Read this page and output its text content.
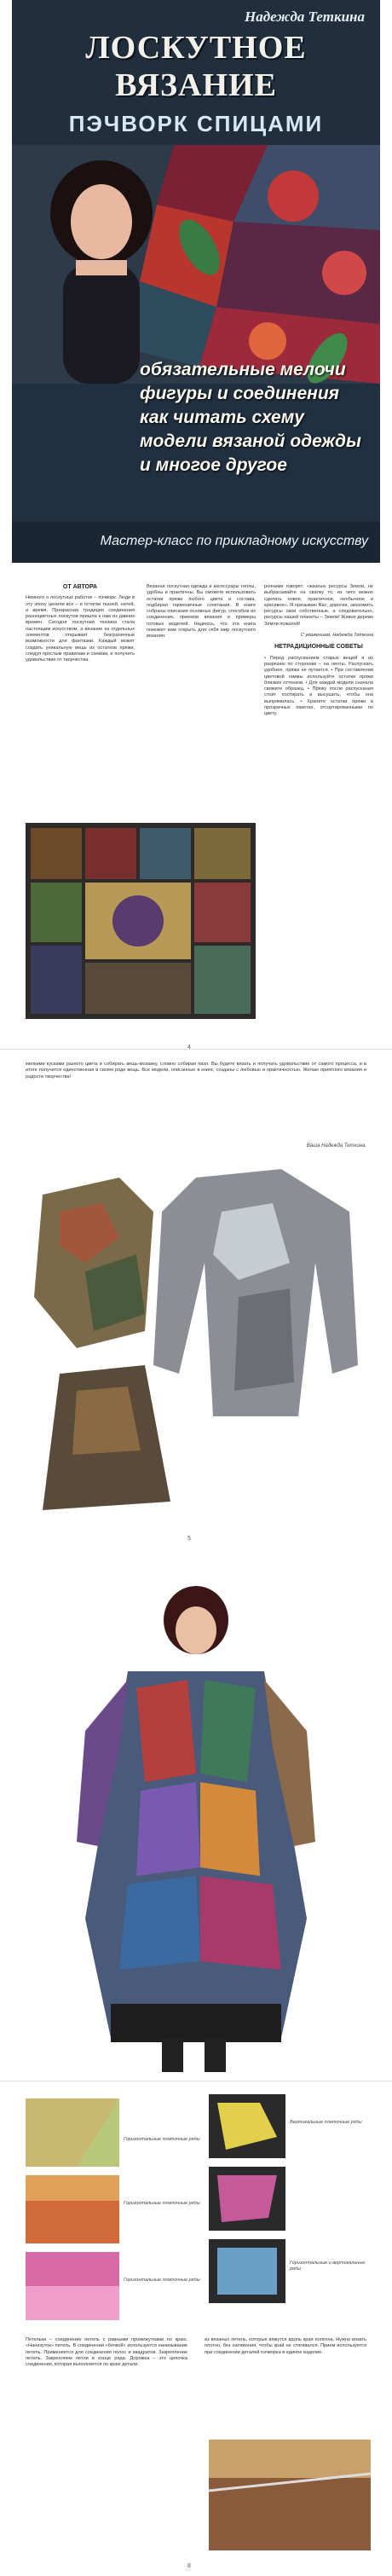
Надежда Теткина
ЛОСКУТНОЕ
ВЯЗАНИЕ
ПЭЧВОРК СПИЦАМИ
обязательные мелочи
фигуры и соединения
как читать схему
модели вязаной одежды
и многое другое
Мастер-класс по прикладному искусству
ОТ АВТОРА
Немного о лоскутных работах – пэчворк. Люди в эту эпоху ценили все – и остатки тканей, нитей, и время. Прекрасная традиция соединения разноцветных лоскутов пришла к нам из давних времен. Сегодня лоскутная техника стала настоящим искусством, а вязание из отдельных элементов открывает безграничные возможности для фантазии. Каждый может создать уникальную вещь из остатков пряжи, следуя простым правилам и схемам, и получить удовольствие от творчества.
Вязаная лоскутная одежда и аксессуары теплы, удобны и практичны. Вы сможете использовать остатки пряжи любого цвета и состава, подбирая гармоничные сочетания. В книге собраны описания основных фигур, способов их соединения, приемов вязания и примеры готовых моделей. Надеюсь, что эта книга поможет вам открыть для себя мир лоскутного вязания.
ронними говорят: «жизнью ресурсы Земли, не выбрасывайте на свалку то, из чего можно сделать новое, практичное, необычное и красивое». Я призываю Вас, дорогие, экономить ресурсы свои собственные, а следовательно, ресурсы нашей планеты – Земли! Живое дерево Земли пожалей!
С уважением, Надежда Теткина
НЕТРАДИЦИОННЫЕ СОВЕТЫ
• Перед распусканием старых вещей я их разрезаю по сторонам – на ленты. Распускать удобнее, пряжа не путается. • При составлении цветовой гаммы используйте остатки пряжи близких оттенков. • Для каждой модели сначала свяжите образец. • Пряжу после распускания стоит постирать и высушить, чтобы она выпрямилась. • Храните остатки пряжи в прозрачных пакетах, отсортированными по цвету.
4
мелкими кусками разного цвета и собирать вещь-мозаику, словно собирая пазл. Вы будете вязать и получать удовольствие от самого процесса, и в итоге получится единственная в своем роде вещь. Все модели, описанные в книге, созданы с любовью и практичностью. Желаю приятного вязания и радости творчества!
Ваша Надежда Теткина.
5
Горизонтальные платочные ряды
Вертикальные платочные ряды
Горизонтальные платочные ряды
Горизонтальные платочные ряды
Горизонтальные и вертикальные ряды
Петельки – соединение петель с равными промежутками по краю. «Нанизуток» петель. В соединении «бочкой» используется нанизывание петель. Применяется для соединения полос и квадратов. Закрепление петель. Закрепляем петли в конце ряда. Дорожка – это цепочка соединения, которая выполняется по краю детали.
из вязаных петель, которые вяжутся вдоль края полотна. Нужно вязать плотно, без натяжения, чтобы край не стягивался. Прием используется при соединении деталей пэчворка в единое изделие.
8
